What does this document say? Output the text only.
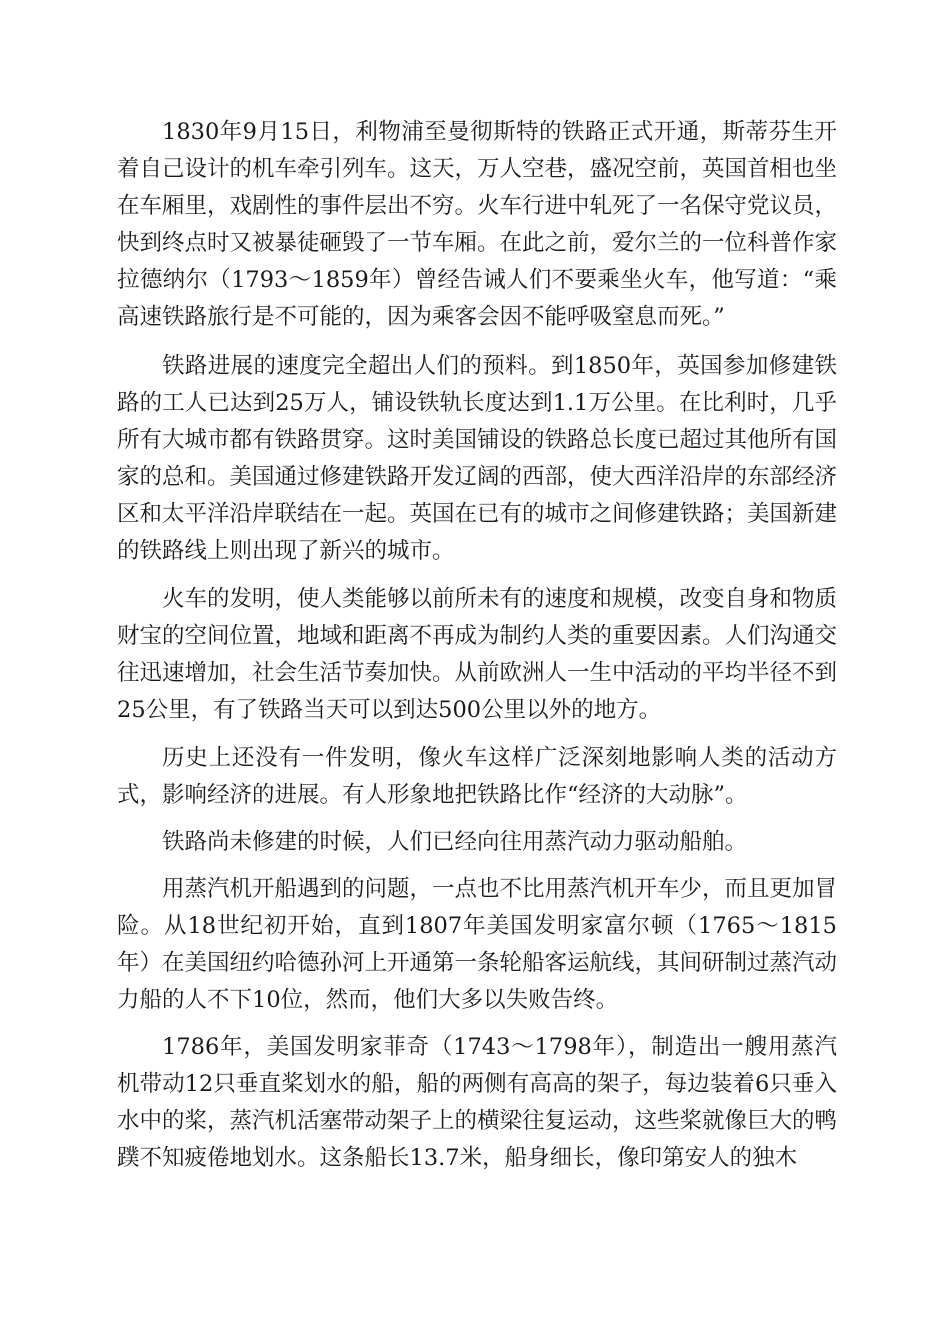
1830年9月15日，利物浦至曼彻斯特的铁路正式开通，斯蒂芬生开着自己设计的机车牵引列车。这天，万人空巷，盛况空前，英国首相也坐在车厢里，戏剧性的事件层出不穷。火车行进中轧死了一名保守党议员，快到终点时又被暴徒砸毁了一节车厢。在此之前，爱尔兰的一位科普作家拉德纳尔（1793～1859年）曾经告诫人们不要乘坐火车，他写道：“乘高速铁路旅行是不可能的，因为乘客会因不能呼吸窒息而死。”

铁路进展的速度完全超出人们的预料。到1850年，英国参加修建铁路的工人已达到25万人，铺设铁轨长度达到1.1万公里。在比利时，几乎所有大城市都有铁路贯穿。这时美国铺设的铁路总长度已超过其他所有国家的总和。美国通过修建铁路开发辽阔的西部，使大西洋沿岸的东部经济区和太平洋沿岸联结在一起。英国在已有的城市之间修建铁路；美国新建的铁路线上则出现了新兴的城市。

火车的发明，使人类能够以前所未有的速度和规模，改变自身和物质财宝的空间位置，地域和距离不再成为制约人类的重要因素。人们沟通交往迅速增加，社会生活节奏加快。从前欧洲人一生中活动的平均半径不到25公里，有了铁路当天可以到达500公里以外的地方。

历史上还没有一件发明，像火车这样广泛深刻地影响人类的活动方式，影响经济的进展。有人形象地把铁路比作“经济的大动脉”。

铁路尚未修建的时候，人们已经向往用蒸汽动力驱动船舶。

用蒸汽机开船遇到的问题，一点也不比用蒸汽机开车少，而且更加冒险。从18世纪初开始，直到1807年美国发明家富尔顿（1765～1815年）在美国纽约哈德孙河上开通第一条轮船客运航线，其间研制过蒸汽动力船的人不下10位，然而，他们大多以失败告终。

1786年，美国发明家菲奇（1743～1798年），制造出一艘用蒸汽机带动12只垂直桨划水的船，船的两侧有高高的架子，每边装着6只垂入水中的桨，蒸汽机活塞带动架子上的横梁往复运动，这些桨就像巨大的鸭蹼不知疲倦地划水。这条船长13.7米，船身细长，像印第安人的独木
